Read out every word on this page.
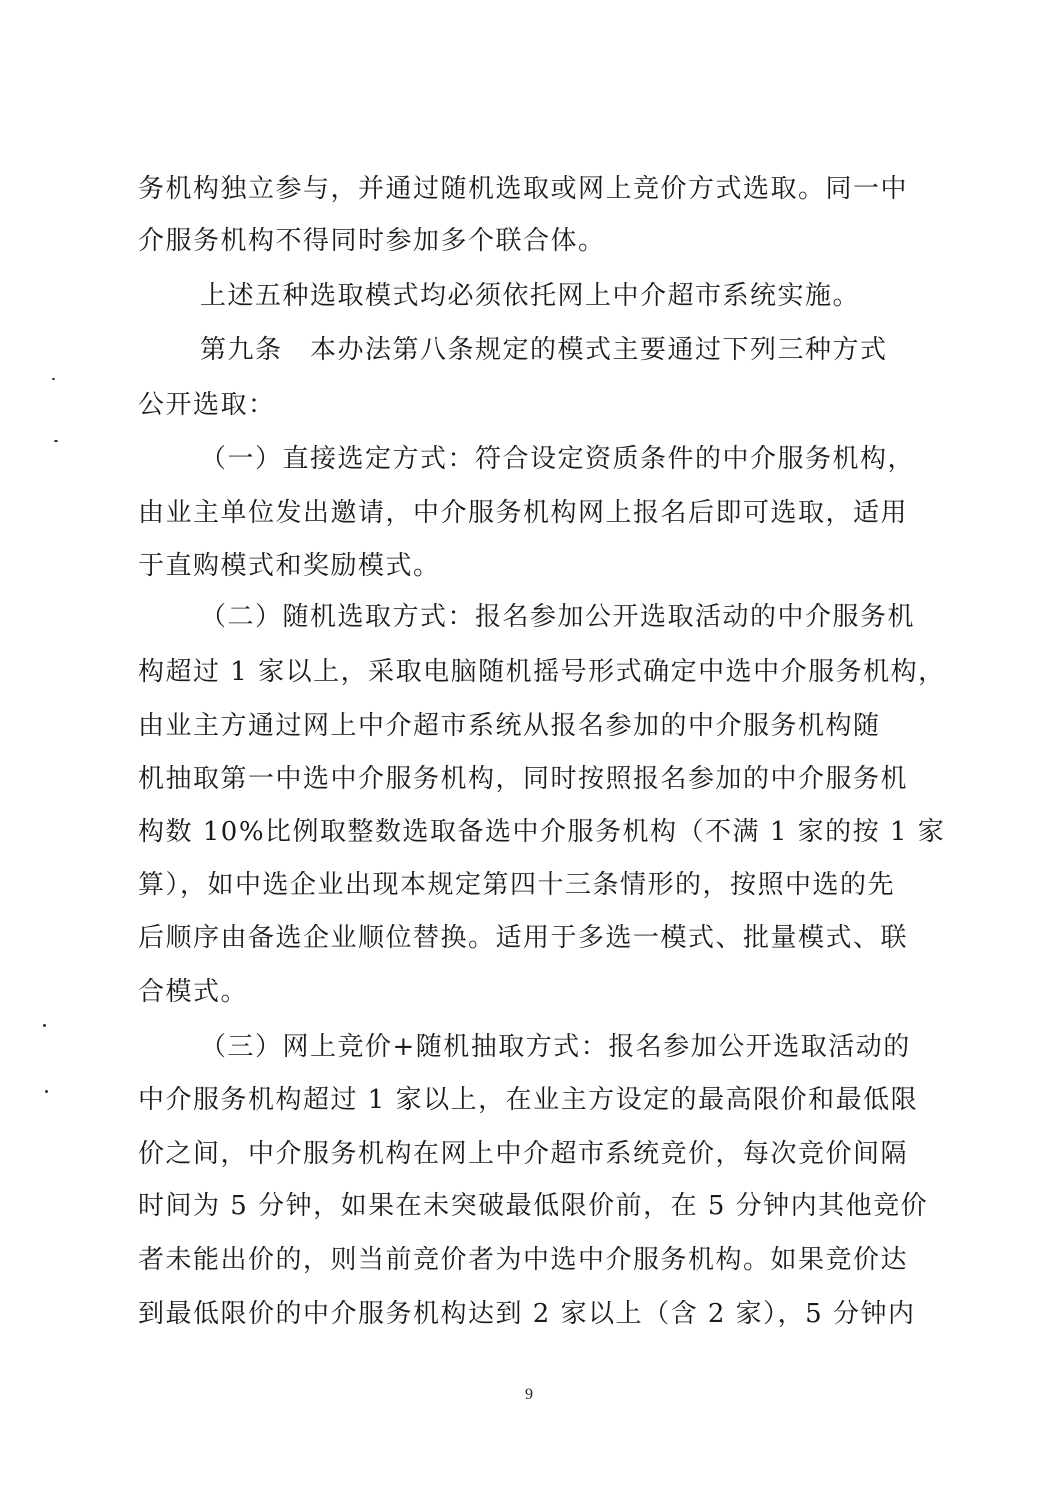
务机构独立参与，并通过随机选取或网上竞价方式选取。同一中
介服务机构不得同时参加多个联合体。
上述五种选取模式均必须依托网上中介超市系统实施。
第九条　本办法第八条规定的模式主要通过下列三种方式
公开选取：
（一）直接选定方式：符合设定资质条件的中介服务机构，
由业主单位发出邀请，中介服务机构网上报名后即可选取，适用
于直购模式和奖励模式。
（二）随机选取方式：报名参加公开选取活动的中介服务机
构超过 1 家以上，采取电脑随机摇号形式确定中选中介服务机构，
由业主方通过网上中介超市系统从报名参加的中介服务机构随
机抽取第一中选中介服务机构，同时按照报名参加的中介服务机
构数 10%比例取整数选取备选中介服务机构（不满 1 家的按 1 家
算），如中选企业出现本规定第四十三条情形的，按照中选的先
后顺序由备选企业顺位替换。适用于多选一模式、批量模式、联
合模式。
（三）网上竞价+随机抽取方式：报名参加公开选取活动的
中介服务机构超过 1 家以上，在业主方设定的最高限价和最低限
价之间，中介服务机构在网上中介超市系统竞价，每次竞价间隔
时间为 5 分钟，如果在未突破最低限价前，在 5 分钟内其他竞价
者未能出价的，则当前竞价者为中选中介服务机构。如果竞价达
到最低限价的中介服务机构达到 2 家以上（含 2 家），5 分钟内
9
